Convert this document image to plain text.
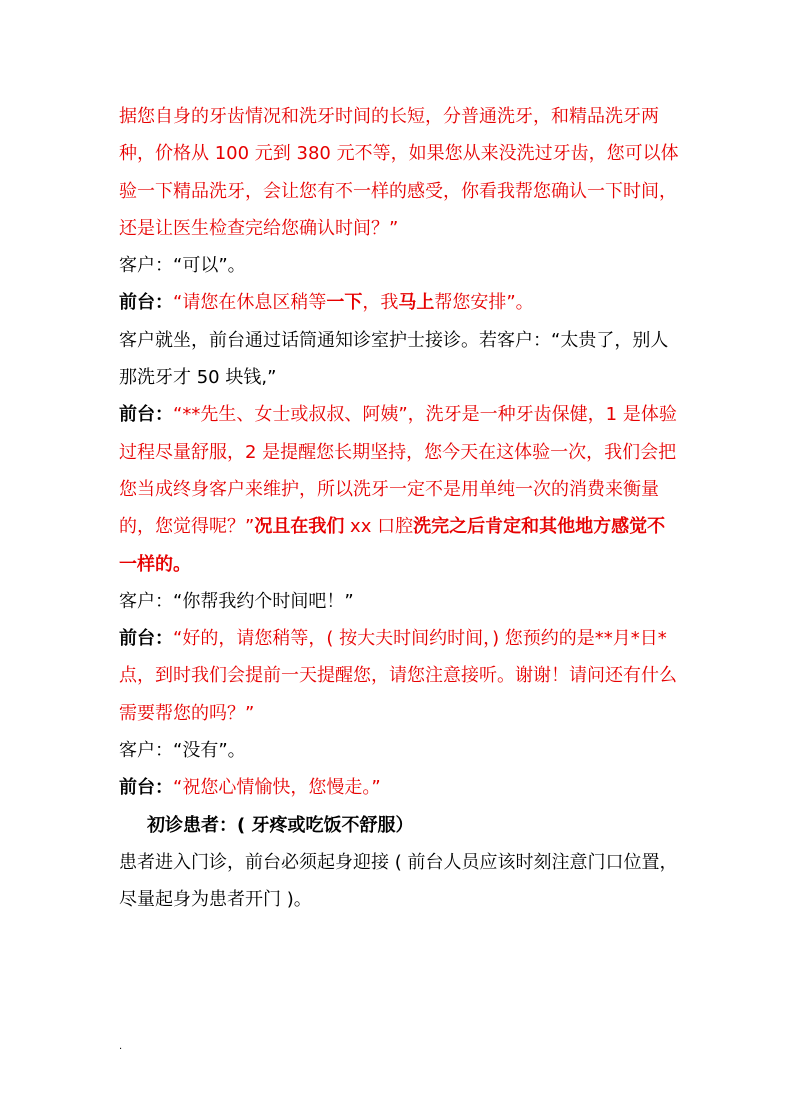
据您自身的牙齿情况和洗牙时间的长短，分普通洗牙，和精品洗牙两种，价格从 100 元到 380 元不等，如果您从来没洗过牙齿，您可以体验一下精品洗牙，会让您有不一样的感受，你看我帮您确认一下时间，还是让医生检查完给您确认时间？”

客户：“可以”。

前台：“请您在休息区稍等一下，我马上帮您安排”。

客户就坐，前台通过话筒通知诊室护士接诊。若客户：“太贵了，别人那洗牙才 50 块钱,”

前台：“**先生、女士或叔叔、阿姨”，洗牙是一种牙齿保健，1 是体验过程尽量舒服，2 是提醒您长期坚持，您今天在这体验一次，我们会把您当成终身客户来维护，所以洗牙一定不是用单纯一次的消费来衡量的，您觉得呢？”况且在我们 xx 口腔洗完之后肯定和其他地方感觉不一样的。

客户：“你帮我约个时间吧！”

前台：“好的，请您稍等，( 按大夫时间约时间，) 您预约的是**月*日*点，到时我们会提前一天提醒您，请您注意接听。谢谢！请问还有什么需要帮您的吗？”

客户：“没有”。

前台：“祝您心情愉快，您慢走。”

初诊患者：( 牙疼或吃饭不舒服）

患者进入门诊，前台必须起身迎接 ( 前台人员应该时刻注意门口位置，尽量起身为患者开门 )。

.
